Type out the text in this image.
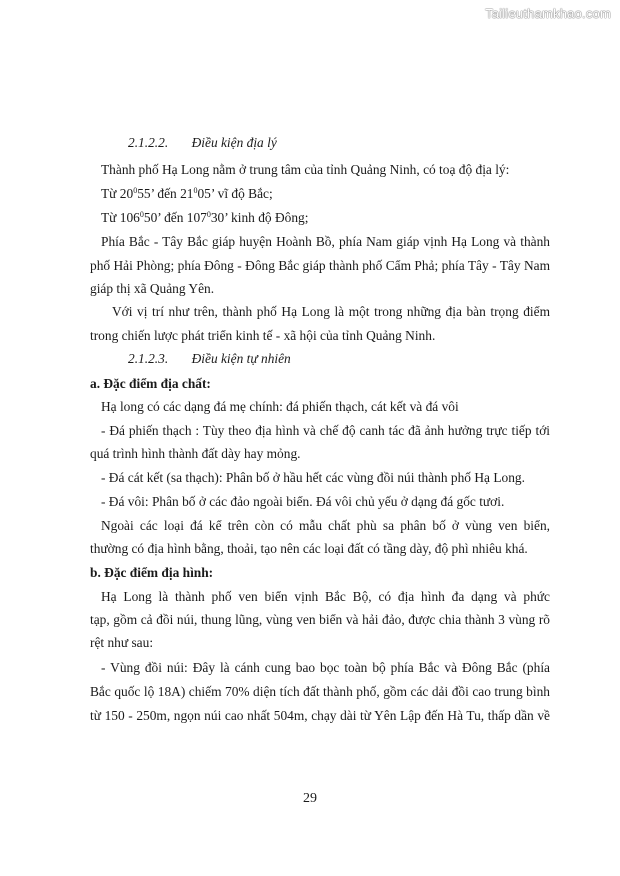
Tailieuthamkhao.com
2.1.2.2. Điều kiện địa lý
Thành phố Hạ Long nằm ở trung tâm của tỉnh Quảng Ninh, có toạ độ địa lý:
Từ $20^055$’ đến $21^005$’ vĩ độ Bắc;
Từ $106^050$’ đến $107^030$’ kinh độ Đông;
Phía Bắc - Tây Bắc giáp huyện Hoành Bồ, phía Nam giáp vịnh Hạ Long và thành
phố Hải Phòng; phía Đông - Đông Bắc giáp thành phố Cẩm Phả; phía Tây - Tây Nam
giáp thị xã Quảng Yên.
Với vị trí như trên, thành phố Hạ Long là một trong những địa bàn trọng điểm
trong chiến lược phát triển kinh tế - xã hội của tỉnh Quảng Ninh.
2.1.2.3. Điều kiện tự nhiên
a. Đặc điểm địa chất:
Hạ long có các dạng đá mẹ chính: đá phiến thạch, cát kết và đá vôi
- Đá phiến thạch : Tùy theo địa hình và chế độ canh tác đã ảnh hưởng trực tiếp tới
quá trình hình thành đất dày hay mỏng.
- Đá cát kết (sa thạch): Phân bố ở hầu hết các vùng đồi núi thành phố Hạ Long.
- Đá vôi: Phân bố ở các đảo ngoài biển. Đá vôi chủ yếu ở dạng đá gốc tươi.
Ngoài các loại đá kể trên còn có mẫu chất phù sa phân bố ở vùng ven biển,
thường có địa hình bằng, thoải, tạo nên các loại đất có tầng dày, độ phì nhiêu khá.
b. Đặc điểm địa hình:
Hạ Long là thành phố ven biển vịnh Bắc Bộ, có địa hình đa dạng và phức
tạp, gồm cả đồi núi, thung lũng, vùng ven biển và hải đảo, được chia thành 3 vùng rõ
rệt như sau:
- Vùng đồi núi: Đây là cánh cung bao bọc toàn bộ phía Bắc và Đông Bắc (phía
Bắc quốc lộ 18A) chiếm 70% diện tích đất thành phố, gồm các dải đồi cao trung bình
từ 150 - 250m, ngọn núi cao nhất 504m, chạy dài từ Yên Lập đến Hà Tu, thấp dần về
29
